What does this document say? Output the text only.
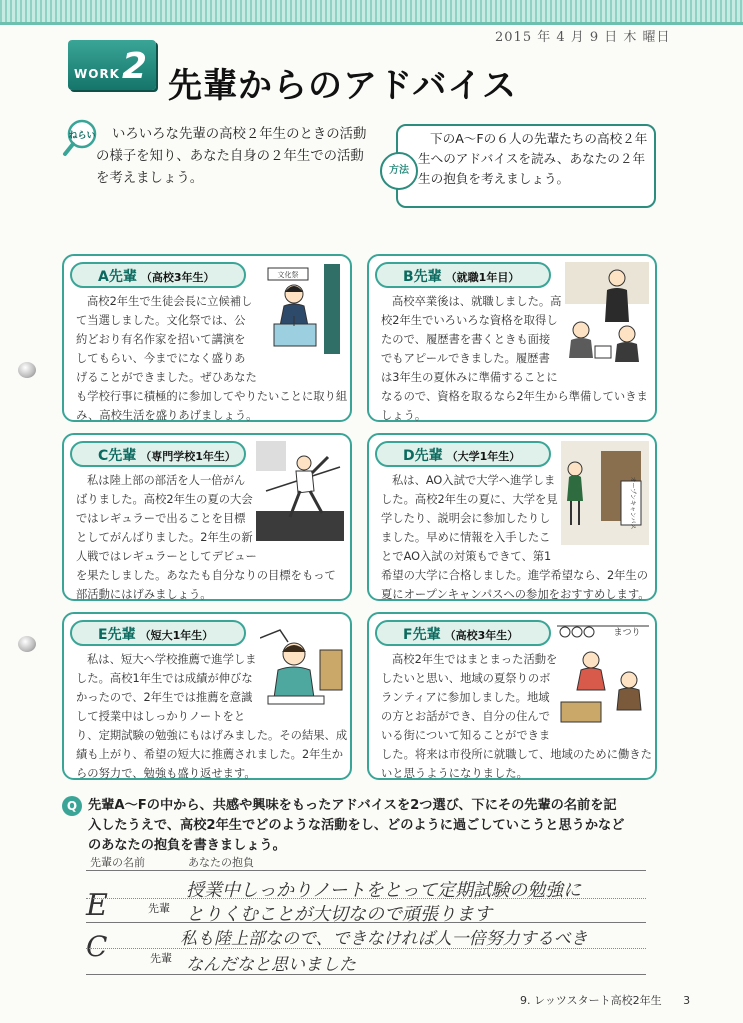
2015 年 4 月 9 日 木 曜日
WORK 2 先輩からのアドバイス
ねらい	いろいろな先輩の高校２年生のときの活動
の様子を知り、あなた自身の２年生での活動
を考えましょう。
方法
下のA～Fの６人の先輩たちの高校２年
生へのアドバイスを読み、あなたの２年
生の抱負を考えましょう。
A先輩 （高校3年生）
高校2年生で生徒会長に立候補し
て当選しました。文化祭では、公
約どおり有名作家を招いて講演を
してもらい、今までになく盛りあ
げることができました。ぜひあなた
も学校行事に積極的に参加してやりたいことに取り組
み、高校生活を盛りあげましょう。
文化祭	B先輩 （就職1年目）
高校卒業後は、就職しました。高
校2年生でいろいろな資格を取得し
たので、履歴書を書くときも面接
でもアピールできました。履歴書
は3年生の夏休みに準備することに
なるので、資格を取るなら2年生から準備していきま
しょう。
C先輩 （専門学校1年生）
私は陸上部の部活を人一倍がん
ばりました。高校2年生の夏の大会
ではレギュラーで出ることを目標
としてがんばりました。2年生の新
人戦ではレギュラーとしてデビュー
を果たしました。あなたも自分なりの目標をもって
部活動にはげみましょう。
D先輩 （大学1年生）
私は、AO入試で大学へ進学しま
した。高校2年生の夏に、大学を見
学したり、説明会に参加したりし
ました。早めに情報を入手したこ
とでAO入試の対策もできて、第1
希望の大学に合格しました。進学希望なら、2年生の
夏にオープンキャンパスへの参加をおすすめします。
オープンキャンパス
E先輩 （短大1年生）
私は、短大へ学校推薦で進学しま
した。高校1年生では成績が伸びな
かったので、2年生では推薦を意識
して授業中はしっかりノートをと
り、定期試験の勉強にもはげみました。その結果、成
績も上がり、希望の短大に推薦されました。2年生か
らの努力で、勉強も盛り返せます。
F先輩 （高校3年生）
高校2年生ではまとまった活動を
したいと思い、地域の夏祭りのボ
ランティアに参加しました。地域
の方とお話ができ、自分の住んで
いる街について知ることができま
した。将来は市役所に就職して、地域のために働きた
いと思うようになりました。
まつり
Q 先輩A～Fの中から、共感や興味をもったアドバイスを2つ選び、下にその先輩の名前を記
入したうえで、高校2年生でどのような活動をし、どのように過ごしていこうと思うかなど
のあなたの抱負を書きましょう。
先輩の名前	あなたの抱負
E	先輩
授業中しっかりノートをとって定期試験の勉強に
とりくむことが大切なので頑張ります
C	先輩
私も陸上部なので、できなければ人一倍努力するべき
なんだなと思いました
9. レッツスタート高校2年生 3
